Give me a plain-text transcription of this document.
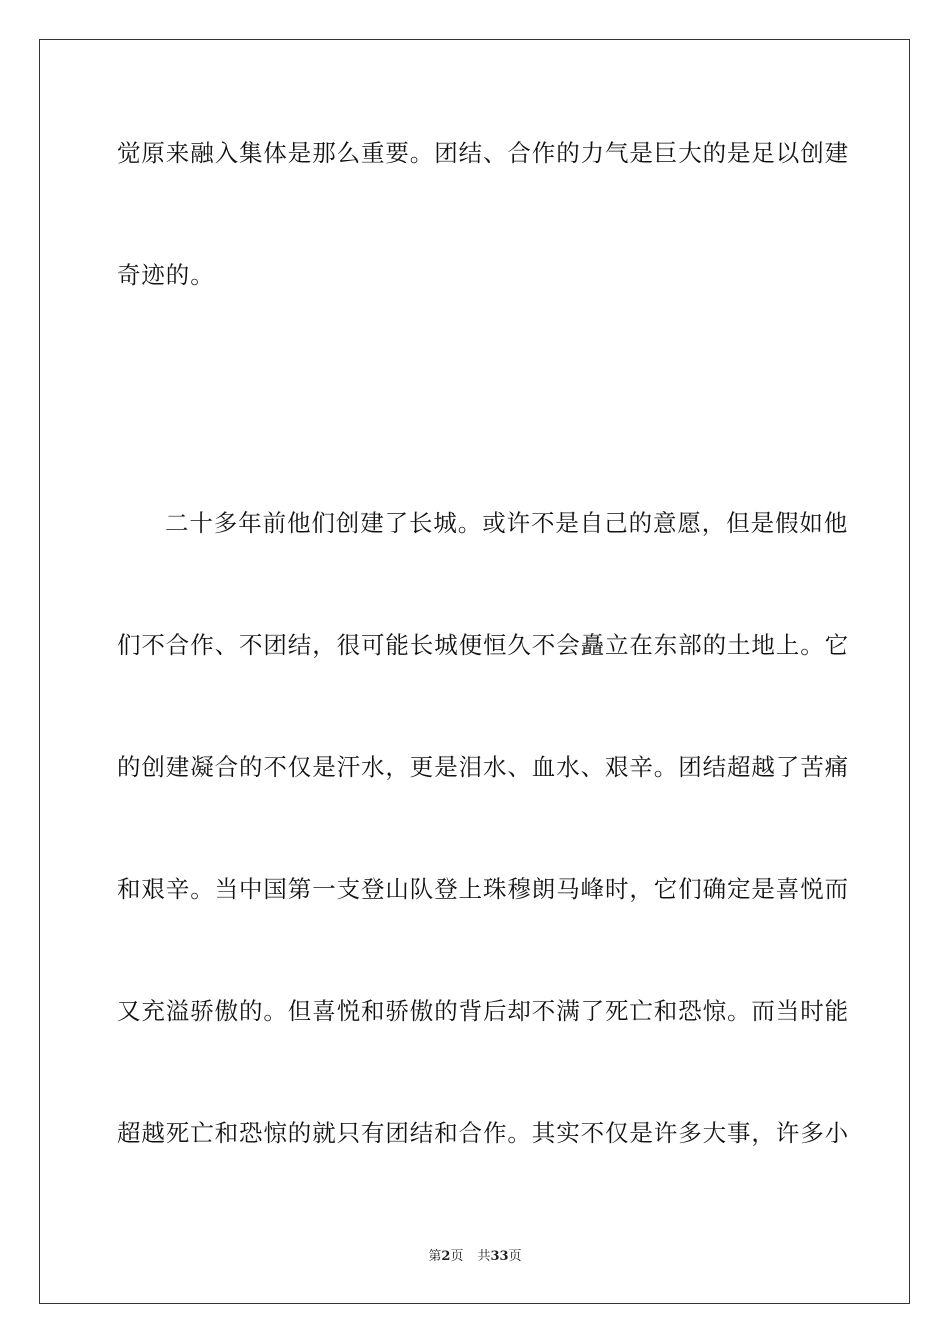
觉原来融入集体是那么重要。团结、合作的力气是巨大的是足以创建
奇迹的。
二十多年前他们创建了长城。或许不是自己的意愿，但是假如他
们不合作、不团结，很可能长城便恒久不会矗立在东部的土地上。它
的创建凝合的不仅是汗水，更是泪水、血水、艰辛。团结超越了苦痛
和艰辛。当中国第一支登山队登上珠穆朗马峰时，它们确定是喜悦而
又充溢骄傲的。但喜悦和骄傲的背后却不满了死亡和恐惊。而当时能
超越死亡和恐惊的就只有团结和合作。其实不仅是许多大事，许多小
第2页 共33页
